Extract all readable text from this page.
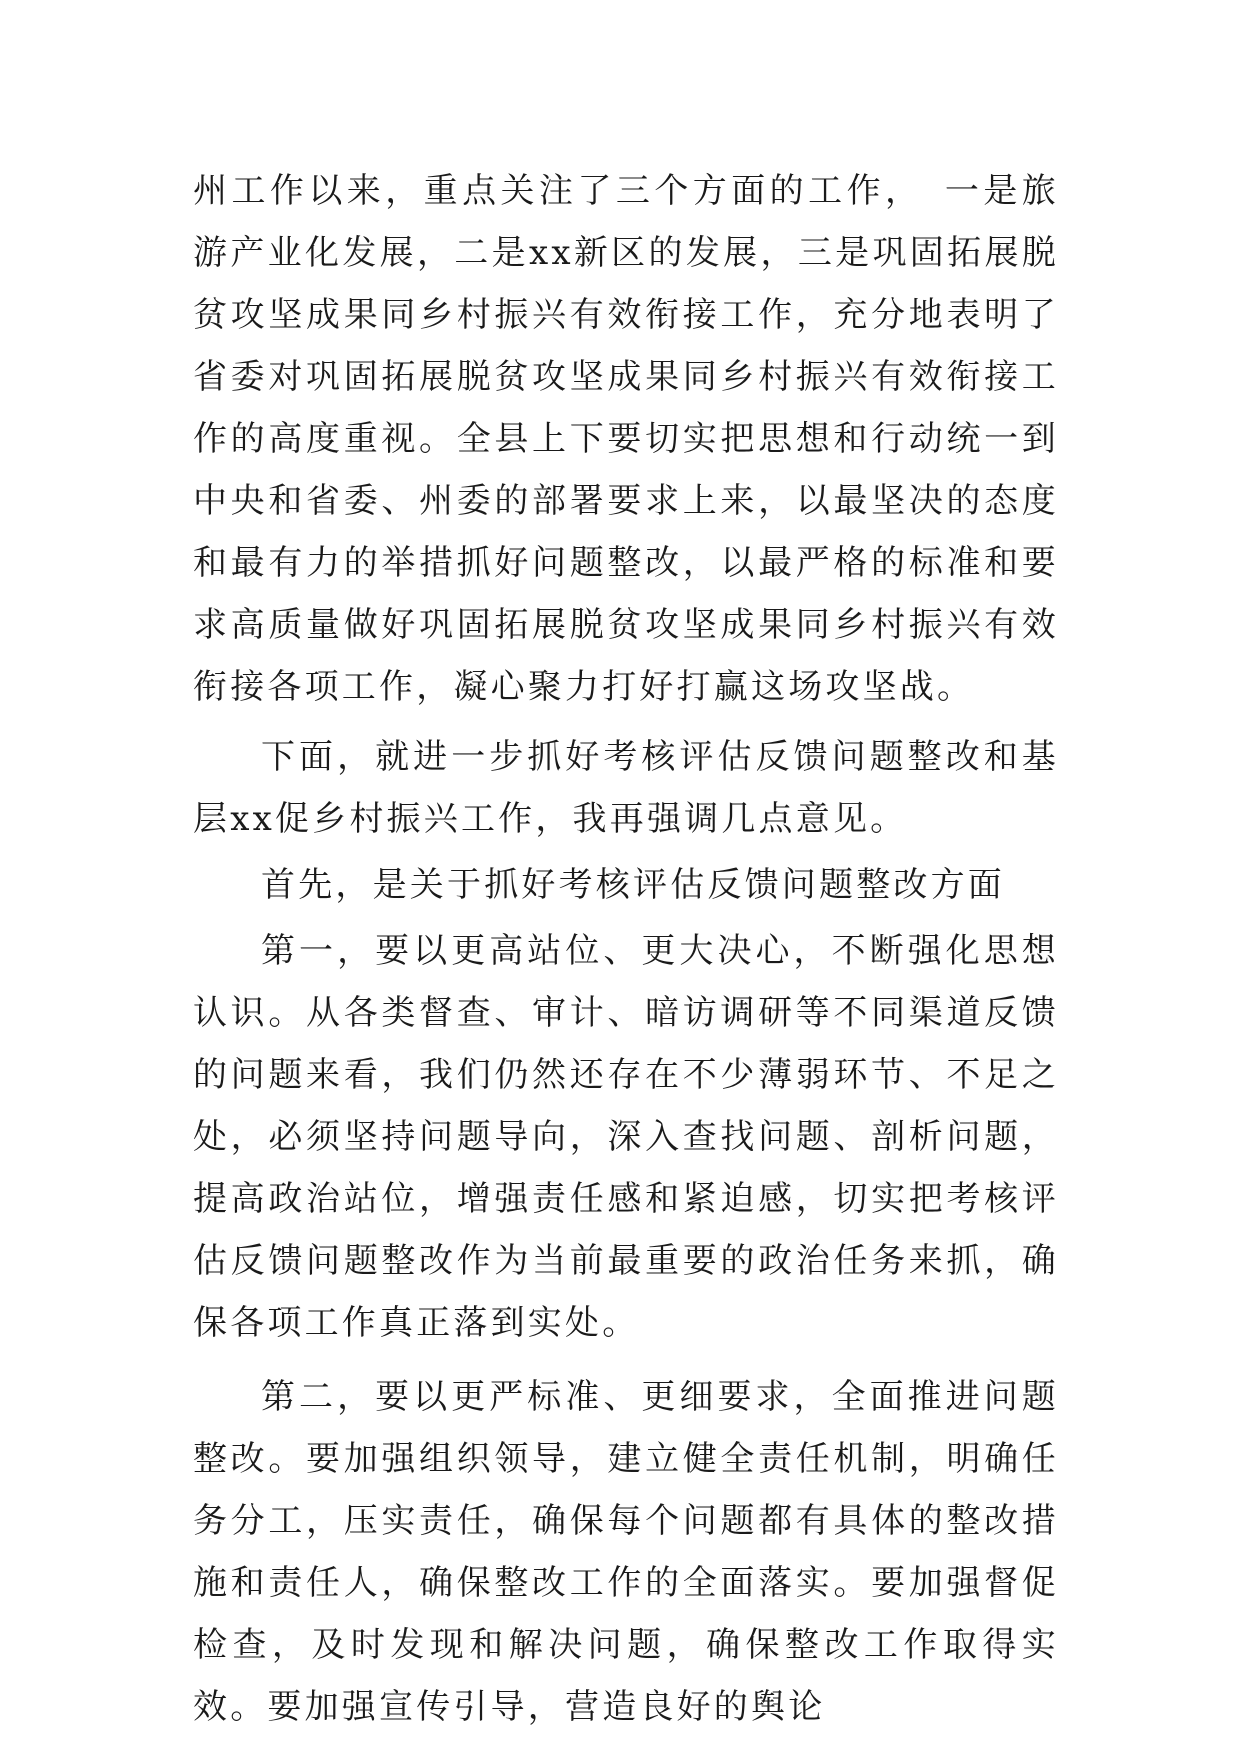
州工作以来，重点关注了三个方面的工作，　一是旅游产业化发展，二是xx新区的发展，三是巩固拓展脱贫攻坚成果同乡村振兴有效衔接工作，充分地表明了省委对巩固拓展脱贫攻坚成果同乡村振兴有效衔接工作的高度重视。全县上下要切实把思想和行动统一到中央和省委、州委的部署要求上来，以最坚决的态度和最有力的举措抓好问题整改，以最严格的标准和要求高质量做好巩固拓展脱贫攻坚成果同乡村振兴有效衔接各项工作，凝心聚力打好打赢这场攻坚战。

下面，就进一步抓好考核评估反馈问题整改和基层xx促乡村振兴工作，我再强调几点意见。

首先，是关于抓好考核评估反馈问题整改方面

第一，要以更高站位、更大决心，不断强化思想认识。从各类督查、审计、暗访调研等不同渠道反馈的问题来看，我们仍然还存在不少薄弱环节、不足之处，必须坚持问题导向，深入查找问题、剖析问题，提高政治站位，增强责任感和紧迫感，切实把考核评估反馈问题整改作为当前最重要的政治任务来抓，确保各项工作真正落到实处。

第二，要以更严标准、更细要求，全面推进问题整改。要加强组织领导，建立健全责任机制，明确任务分工，压实责任，确保每个问题都有具体的整改措施和责任人，确保整改工作的全面落实。要加强督促检查，及时发现和解决问题，确保整改工作取得实效。要加强宣传引导，营造良好的舆论
